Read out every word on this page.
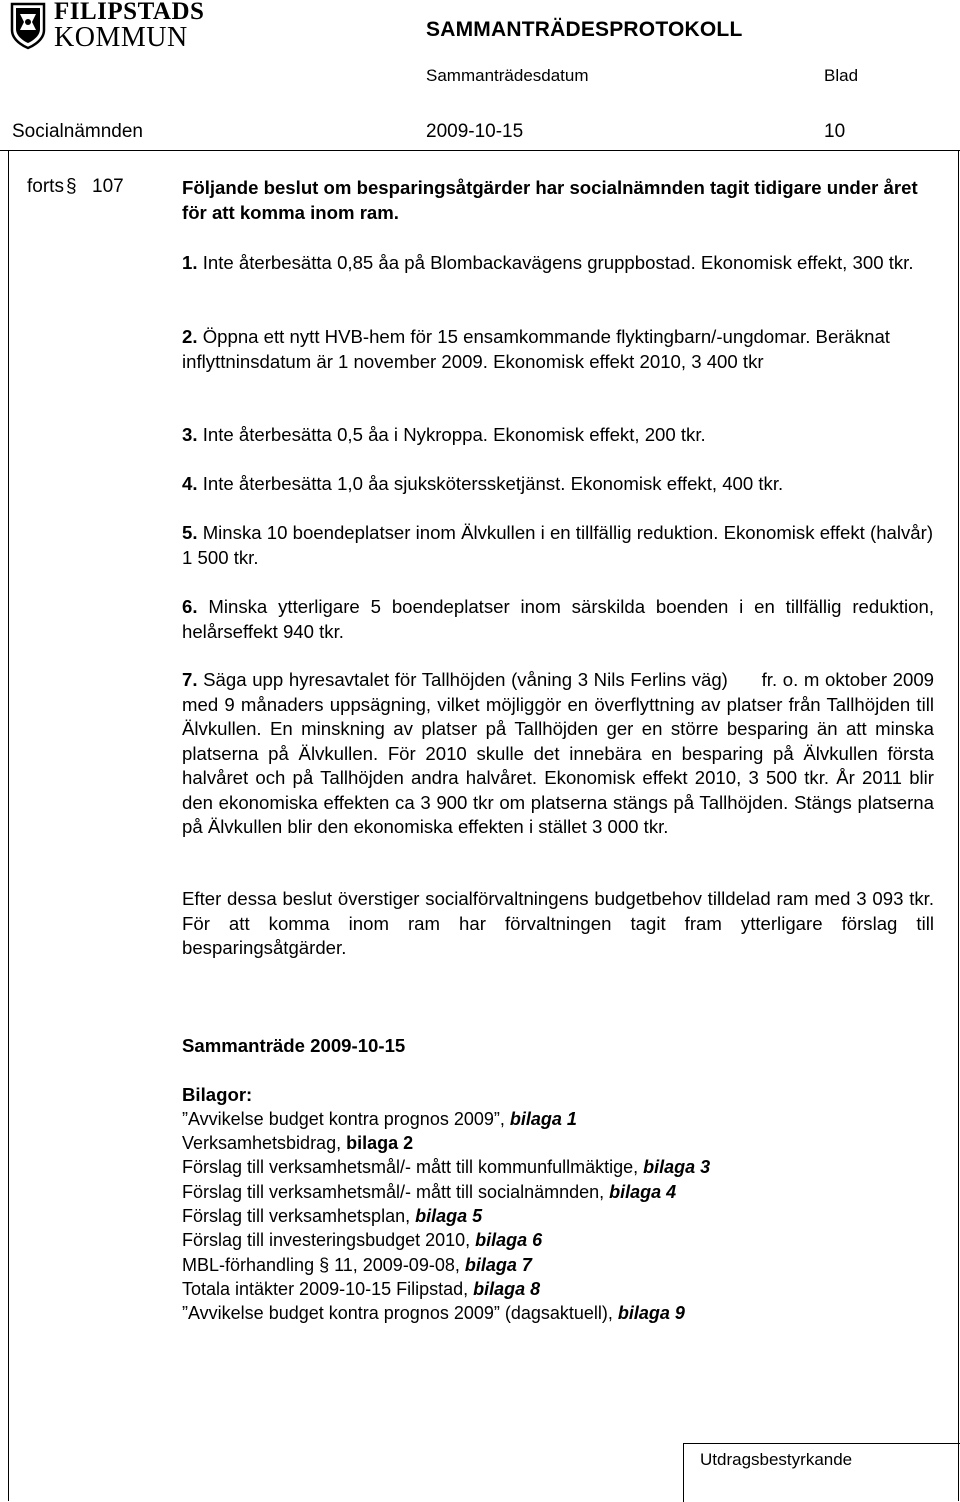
FILIPSTADS
KOMMUN	SAMMANTRÄDESPROTOKOLL
Sammanträdesdatum	Blad
Socialnämnden	2009-10-15	10
forts § 107	Följande beslut om besparingsåtgärder har socialnämnden tagit tidigare under året för att komma inom ram.
1. Inte återbesätta 0,85 åa på Blombackavägens gruppbostad. Ekonomisk effekt, 300 tkr.
2. Öppna ett nytt HVB-hem för 15 ensamkommande flyktingbarn/-ungdomar. Beräknat inflyttninsdatum är 1 november 2009. Ekonomisk effekt 2010, 3 400 tkr
3. Inte återbesätta 0,5 åa i Nykroppa. Ekonomisk effekt, 200 tkr.
4. Inte återbesätta 1,0 åa sjuksköterssketjänst. Ekonomisk effekt, 400 tkr.
5. Minska 10 boendeplatser inom Älvkullen i en tillfällig reduktion. Ekonomisk effekt (halvår) 1 500 tkr.
6. Minska ytterligare 5 boendeplatser inom särskilda boenden i en tillfällig reduktion, helårseffekt 940 tkr.
7. Säga upp hyresavtalet för Tallhöjden (våning 3 Nils Ferlins väg)      fr. o. m oktober 2009 med 9 månaders uppsägning, vilket möjliggör en överflyttning av platser från Tallhöjden till Älvkullen. En minskning av platser på Tallhöjden ger en större besparing än att minska platserna på Älvkullen. För 2010 skulle det innebära en besparing på Älvkullen första halvåret och på Tallhöjden andra halvåret. Ekonomisk effekt 2010, 3 500 tkr. År 2011 blir den ekonomiska effekten ca 3 900 tkr om platserna stängs på Tallhöjden. Stängs platserna på Älvkullen blir den ekonomiska effekten i stället 3 000 tkr.
Efter dessa beslut överstiger socialförvaltningens budgetbehov tilldelad ram med 3 093 tkr. För att komma inom ram har förvaltningen tagit fram ytterligare förslag till besparingsåtgärder.
Sammanträde 2009-10-15
Bilagor:
”Avvikelse budget kontra prognos 2009”, bilaga 1
Verksamhetsbidrag, bilaga 2
Förslag till verksamhetsmål/- mått till kommunfullmäktige, bilaga 3
Förslag till verksamhetsmål/- mått till socialnämnden, bilaga 4
Förslag till verksamhetsplan, bilaga 5
Förslag till investeringsbudget 2010, bilaga 6
MBL-förhandling § 11, 2009-09-08, bilaga 7
Totala intäkter 2009-10-15 Filipstad, bilaga 8
”Avvikelse budget kontra prognos 2009” (dagsaktuell), bilaga 9
Utdragsbestyrkande
